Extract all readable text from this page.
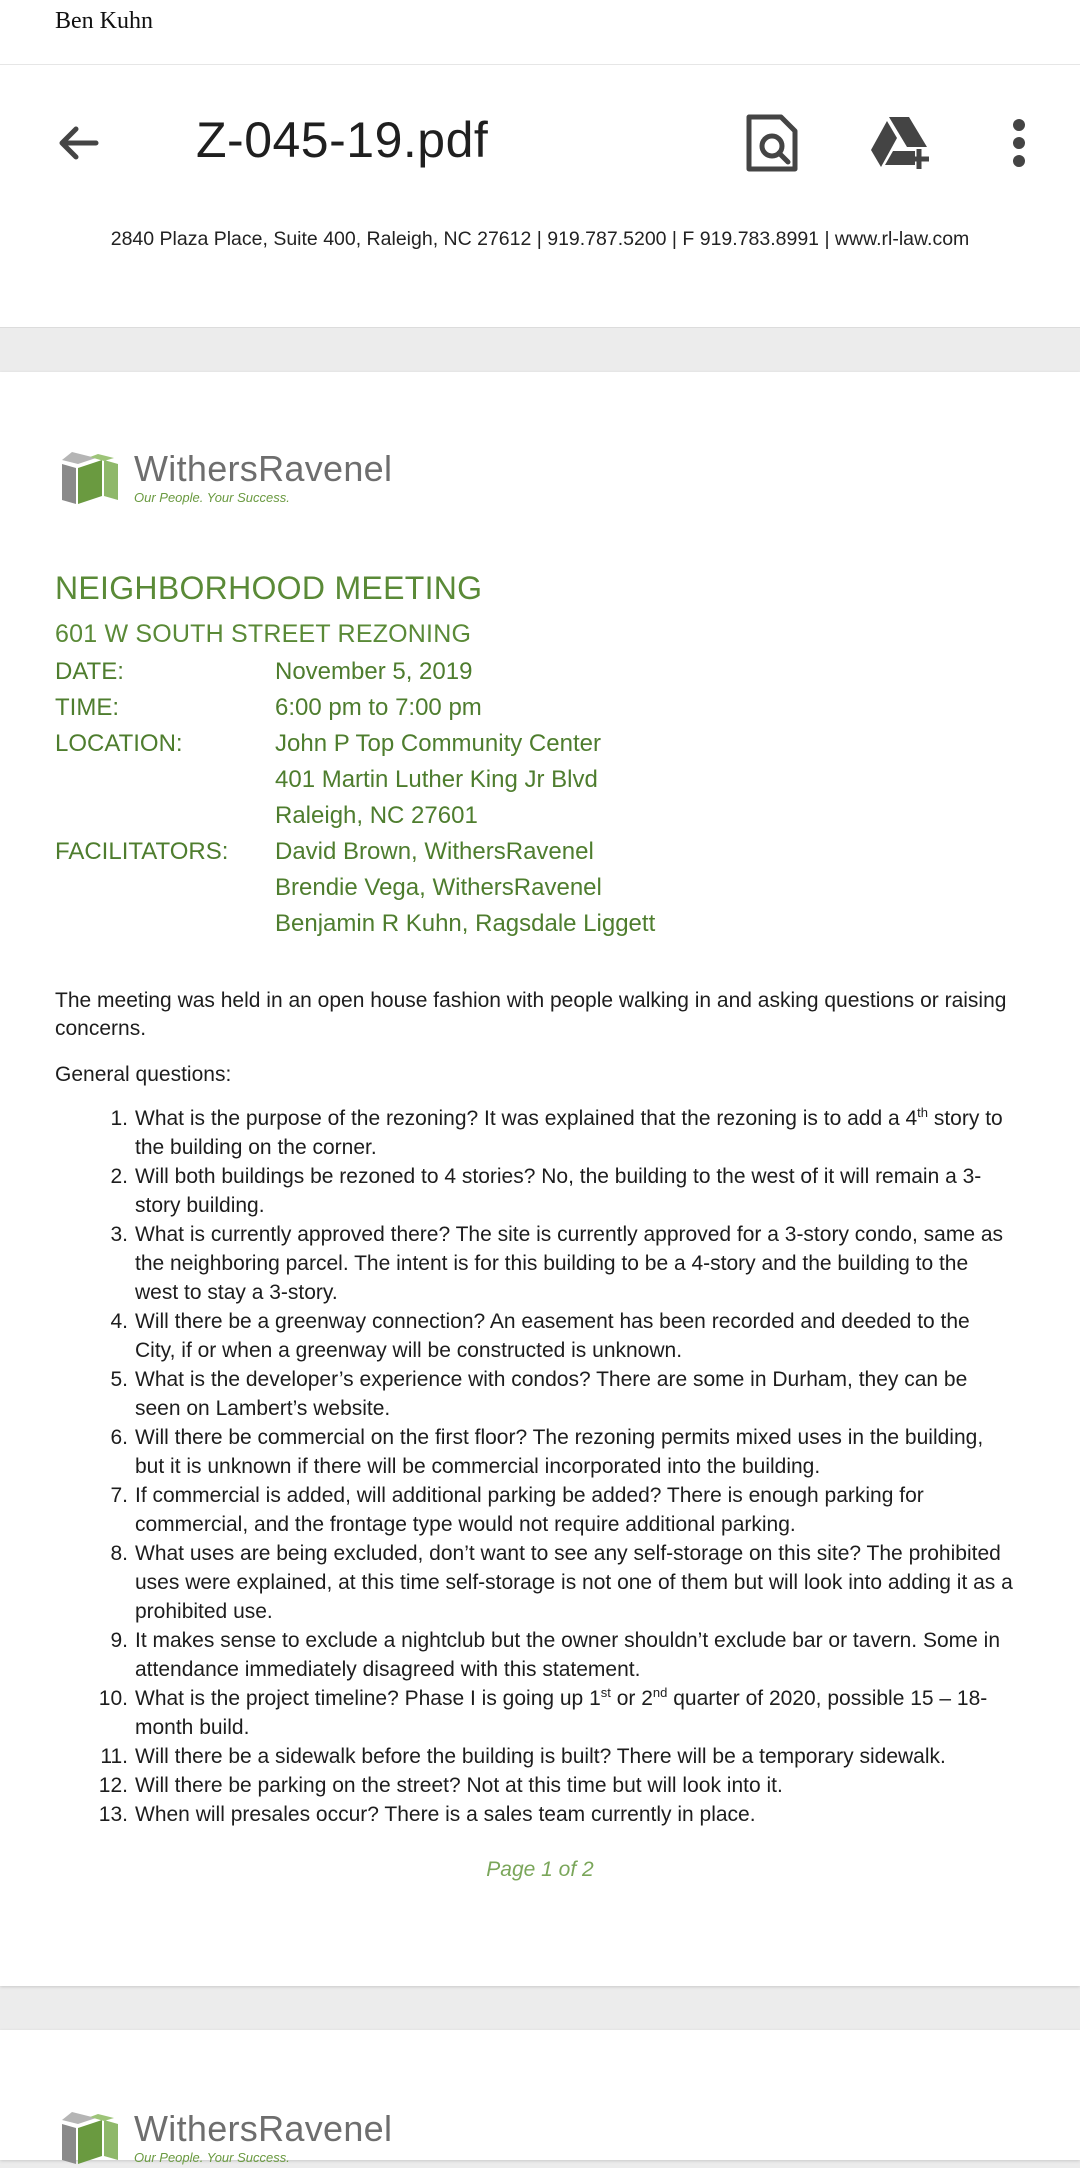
Ben Kuhn
Z-045-19.pdf
2840 Plaza Place, Suite 400, Raleigh, NC 27612 | 919.787.5200 | F 919.783.8991 | www.rl-law.com
WithersRavenel
Our People. Your Success.
NEIGHBORHOOD MEETING
601 W SOUTH STREET REZONING
DATE:	November 5, 2019
TIME:	6:00 pm to 7:00 pm
LOCATION:	John P Top Community Center
401 Martin Luther King Jr Blvd
Raleigh, NC 27601
FACILITATORS: David Brown, WithersRavenel
Brendie Vega, WithersRavenel
Benjamin R Kuhn, Ragsdale Liggett
The meeting was held in an open house fashion with people walking in and asking questions or raising concerns.
General questions:
1. What is the purpose of the rezoning? It was explained that the rezoning is to add a 4th story to the building on the corner.
2. Will both buildings be rezoned to 4 stories? No, the building to the west of it will remain a 3-story building.
3. What is currently approved there? The site is currently approved for a 3-story condo, same as the neighboring parcel. The intent is for this building to be a 4-story and the building to the west to stay a 3-story.
4. Will there be a greenway connection? An easement has been recorded and deeded to the City, if or when a greenway will be constructed is unknown.
5. What is the developer’s experience with condos? There are some in Durham, they can be seen on Lambert’s website.
6. Will there be commercial on the first floor? The rezoning permits mixed uses in the building, but it is unknown if there will be commercial incorporated into the building.
7. If commercial is added, will additional parking be added? There is enough parking for commercial, and the frontage type would not require additional parking.
8. What uses are being excluded, don’t want to see any self-storage on this site? The prohibited uses were explained, at this time self-storage is not one of them but will look into adding it as a prohibited use.
9. It makes sense to exclude a nightclub but the owner shouldn’t exclude bar or tavern. Some in attendance immediately disagreed with this statement.
10. What is the project timeline? Phase I is going up 1st or 2nd quarter of 2020, possible 15 – 18-month build.
11. Will there be a sidewalk before the building is built? There will be a temporary sidewalk.
12. Will there be parking on the street? Not at this time but will look into it.
13. When will presales occur? There is a sales team currently in place.
Page 1 of 2
WithersRavenel
Our People. Your Success.
